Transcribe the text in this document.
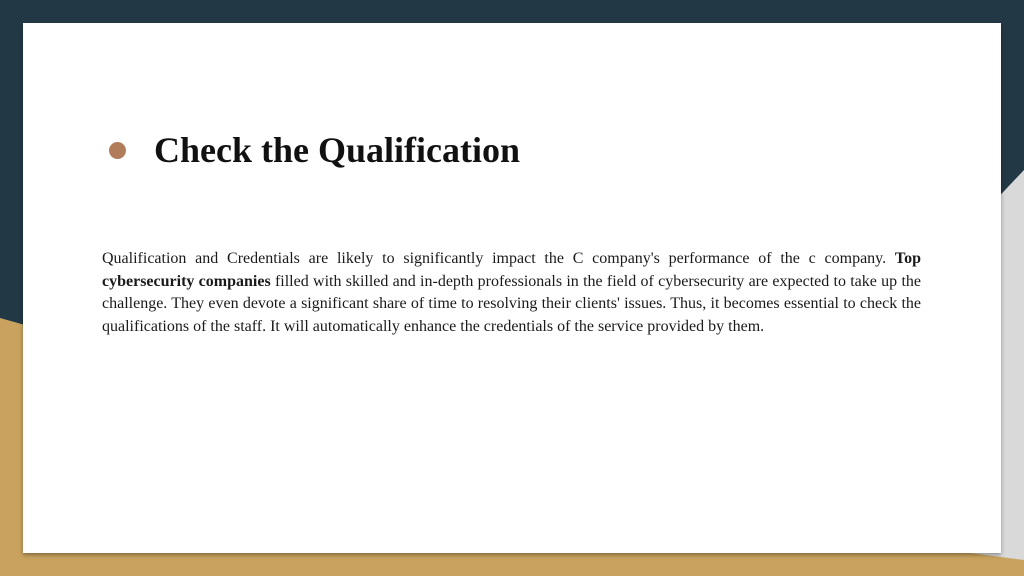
Check the Qualification

Qualification and Credentials are likely to significantly impact the C company's performance of the c company. Top cybersecurity companies filled with skilled and in-depth professionals in the field of cybersecurity are expected to take up the challenge. They even devote a significant share of time to resolving their clients' issues. Thus, it becomes essential to check the qualifications of the staff. It will automatically enhance the credentials of the service provided by them.
